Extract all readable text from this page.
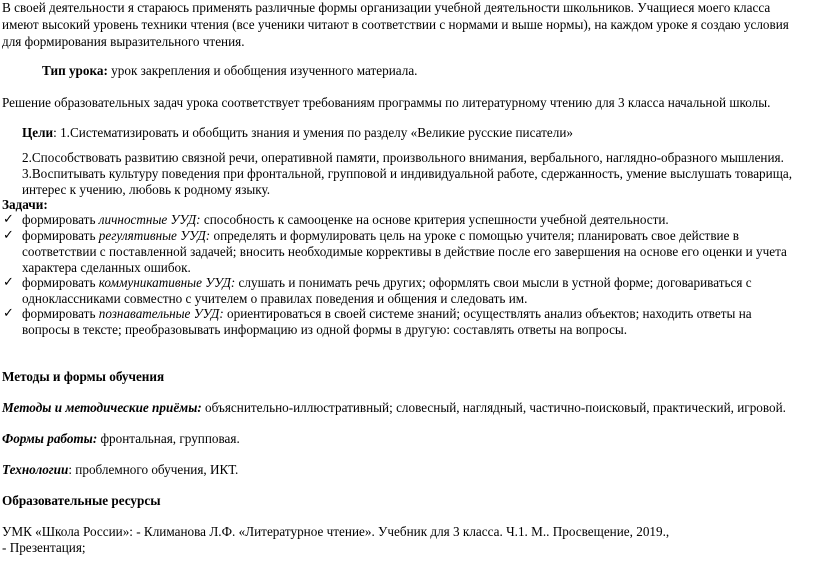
В своей деятельности я стараюсь применять различные формы организации учебной деятельности школьников. Учащиеся моего класса
имеют высокий уровень техники чтения (все ученики читают в соответствии с нормами и выше нормы), на каждом уроке я создаю условия
для формирования выразительного чтения.
Тип урока: урок закрепления и обобщения изученного материала.
Решение образовательных задач урока соответствует требованиям программы по литературному чтению для 3 класса начальной школы.
Цели: 1.Систематизировать и обобщить знания и умения по разделу «Великие русские писатели»
2.Способствовать развитию связной речи, оперативной памяти, произвольного внимания, вербального, наглядно-образного мышления.
3.Воспитывать культуру поведения при фронтальной, групповой и индивидуальной работе, сдержанность, умение выслушать товарища,
интерес к учению, любовь к родному языку.
Задачи:
✓ формировать личностные УУД: способность к самооценке на основе критерия успешности учебной деятельности.
✓ формировать регулятивные УУД: определять и формулировать цель на уроке с помощью учителя; планировать свое действие в
соответствии с поставленной задачей; вносить необходимые коррективы в действие после его завершения на основе его оценки и учета
характера сделанных ошибок.
✓ формировать коммуникативные УУД: слушать и понимать речь других; оформлять свои мысли в устной форме; договариваться с
одноклассниками совместно с учителем о правилах поведения и общения и следовать им.
✓ формировать познавательные УУД: ориентироваться в своей системе знаний; осуществлять анализ объектов; находить ответы на
вопросы в тексте; преобразовывать информацию из одной формы в другую: составлять ответы на вопросы.
Методы и формы обучения
Методы и методические приёмы: объяснительно-иллюстративный; словесный, наглядный, частично-поисковый, практический, игровой.
Формы работы: фронтальная, групповая.
Технологии: проблемного обучения, ИКТ.
Образовательные ресурсы
УМК «Школа России»: - Климанова Л.Ф. «Литературное чтение». Учебник для 3 класса. Ч.1. М.. Просвещение, 2019.,
- Презентация;
